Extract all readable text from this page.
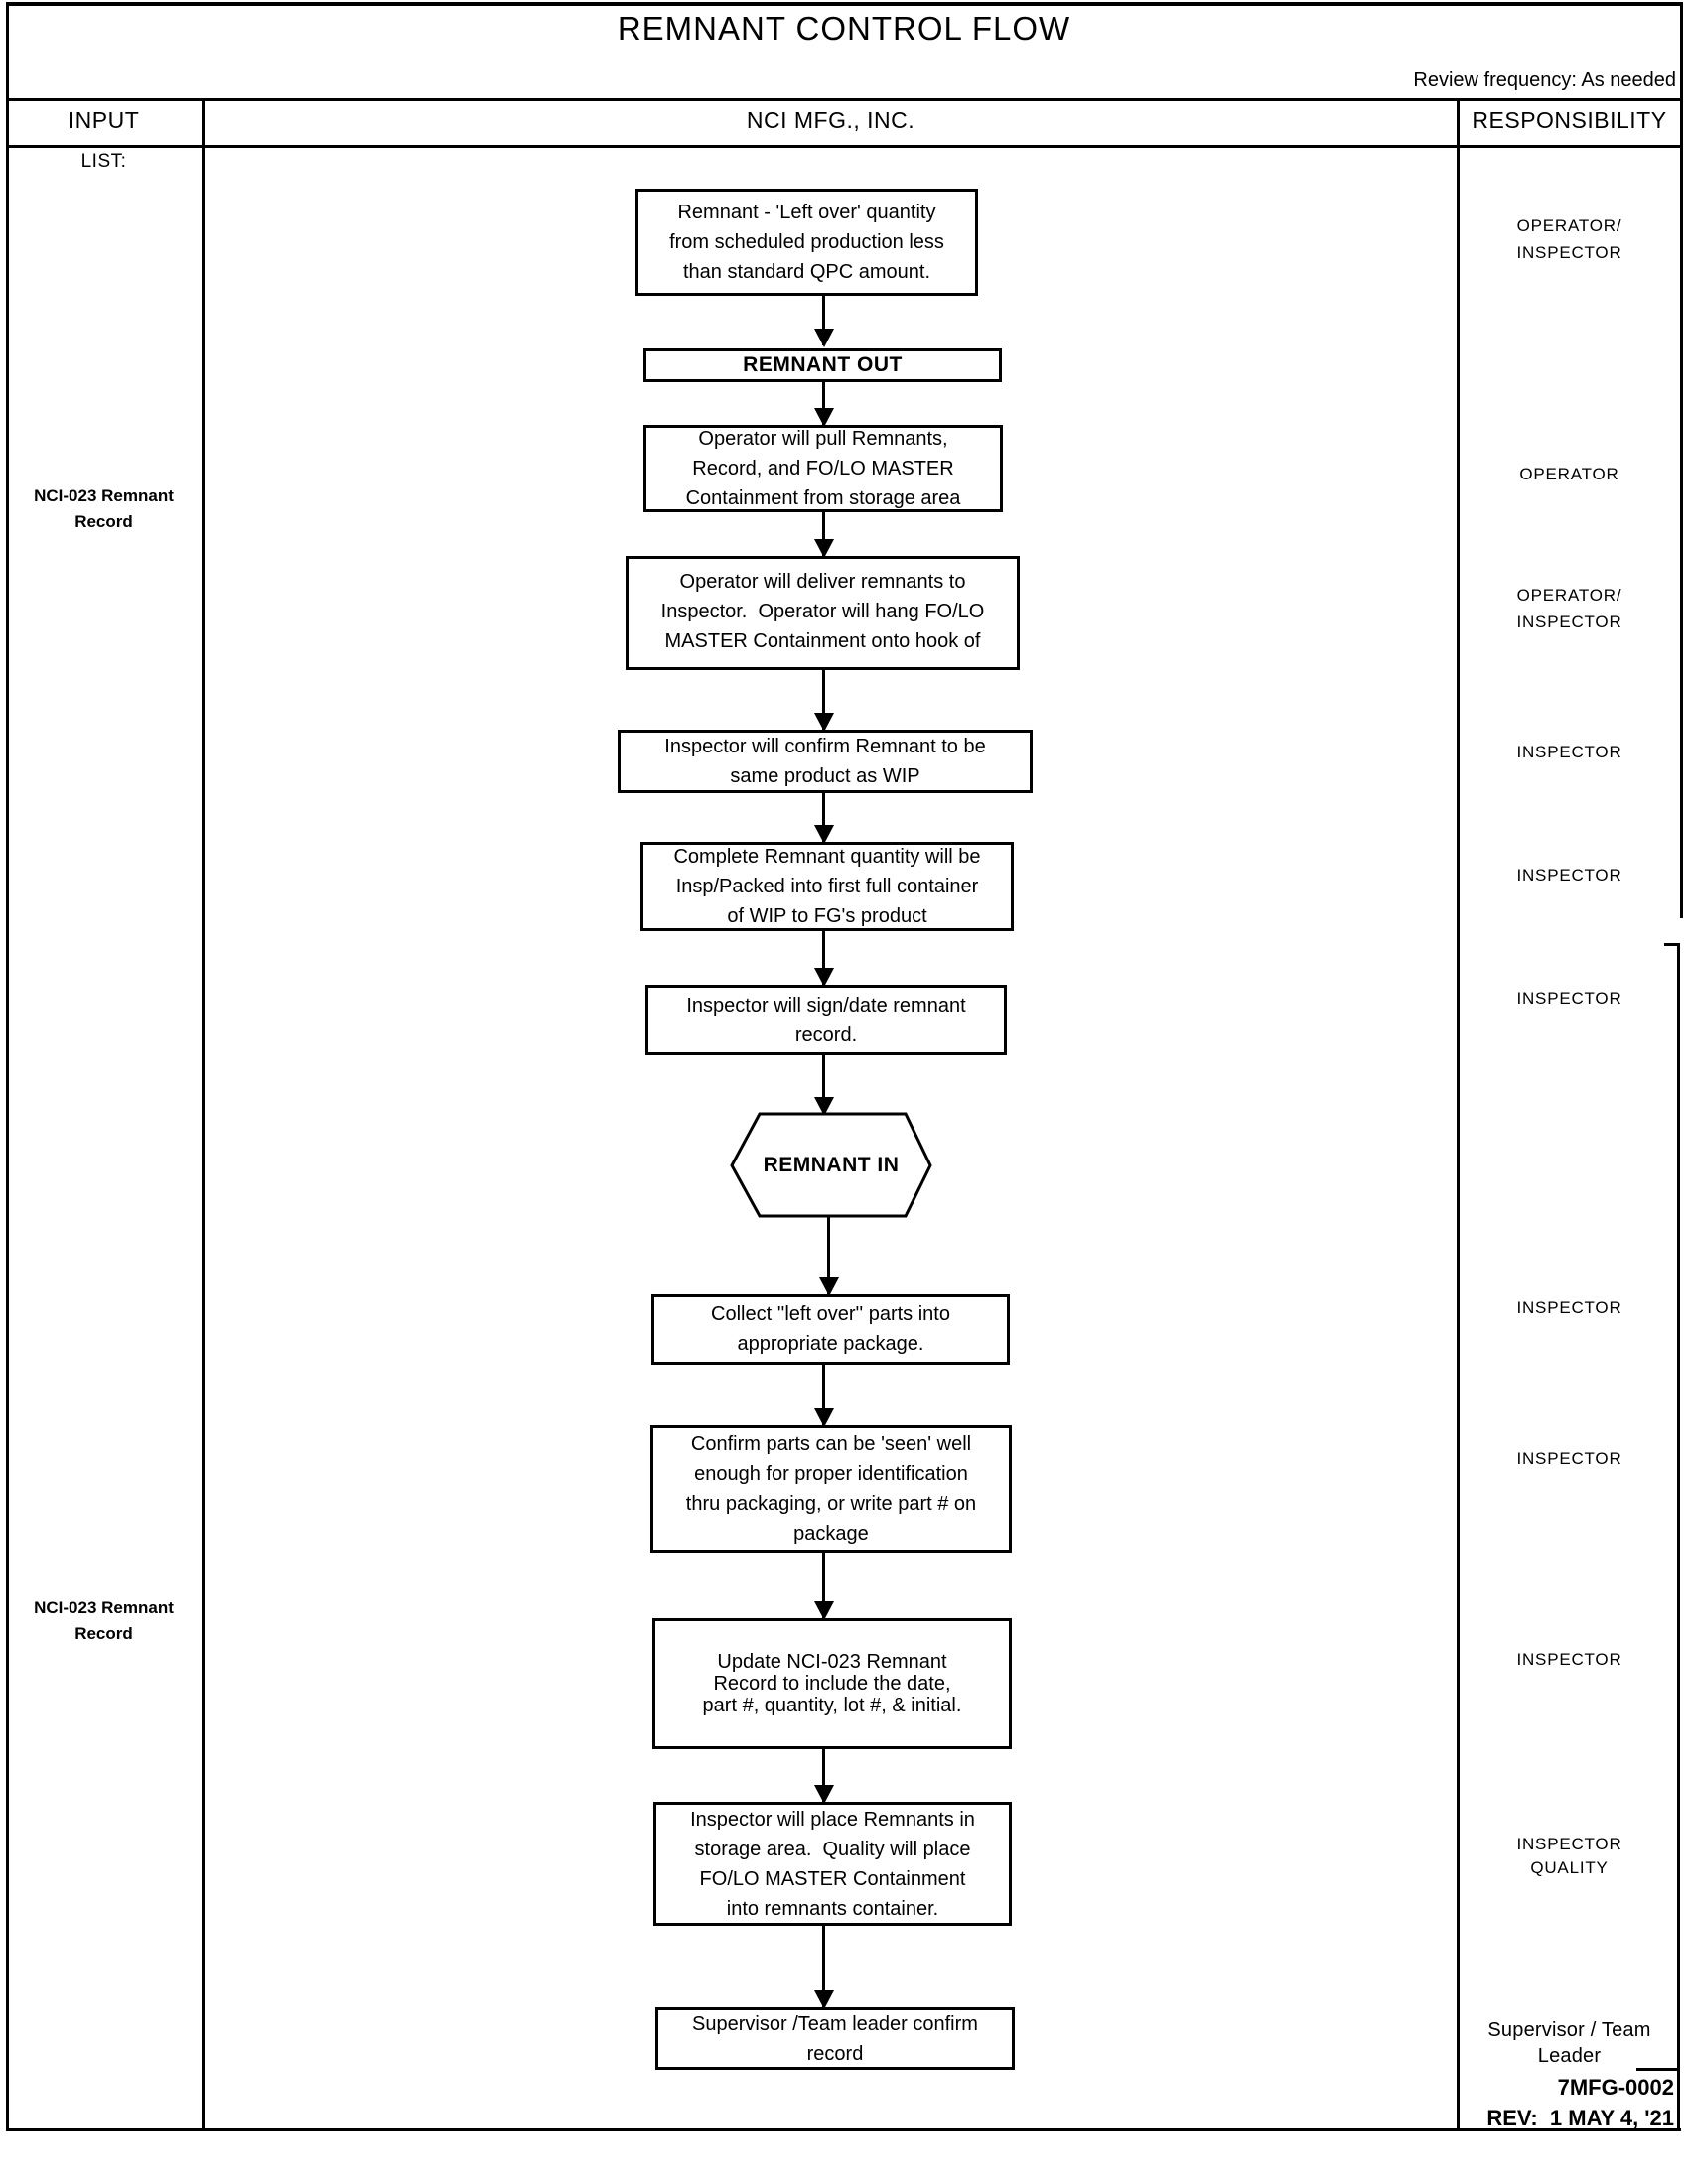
REMNANT CONTROL FLOW
Review frequency: As needed
INPUT	NCI MFG., INC.	RESPONSIBILITY
LIST:
NCI-023 Remnant
Record
NCI-023 Remnant
Record
Remnant - 'Left over' quantity
from scheduled production less
than standard QPC amount.
REMNANT OUT
Operator will pull Remnants,
Record, and FO/LO MASTER
Containment from storage area
Operator will deliver remnants to
Inspector.  Operator will hang FO/LO
MASTER Containment onto hook of
Inspector will confirm Remnant to be
same product as WIP
Complete Remnant quantity will be
Insp/Packed into first full container
of WIP to FG's product
Inspector will sign/date remnant
record.
REMNANT IN
Collect ''left over'' parts into
appropriate package.
Confirm parts can be 'seen' well
enough for proper identification
thru packaging, or write part # on
package
Update NCI-023 Remnant
Record to include the date,
part #, quantity, lot #, & initial.
Inspector will place Remnants in
storage area.  Quality will place
FO/LO MASTER Containment
into remnants container.
Supervisor /Team leader confirm
record
OPERATOR/
INSPECTOR
OPERATOR
OPERATOR/
INSPECTOR
INSPECTOR
INSPECTOR
INSPECTOR
INSPECTOR
INSPECTOR
INSPECTOR
INSPECTOR
QUALITY
Supervisor / Team
Leader
7MFG-0002
REV:  1 MAY 4, '21
